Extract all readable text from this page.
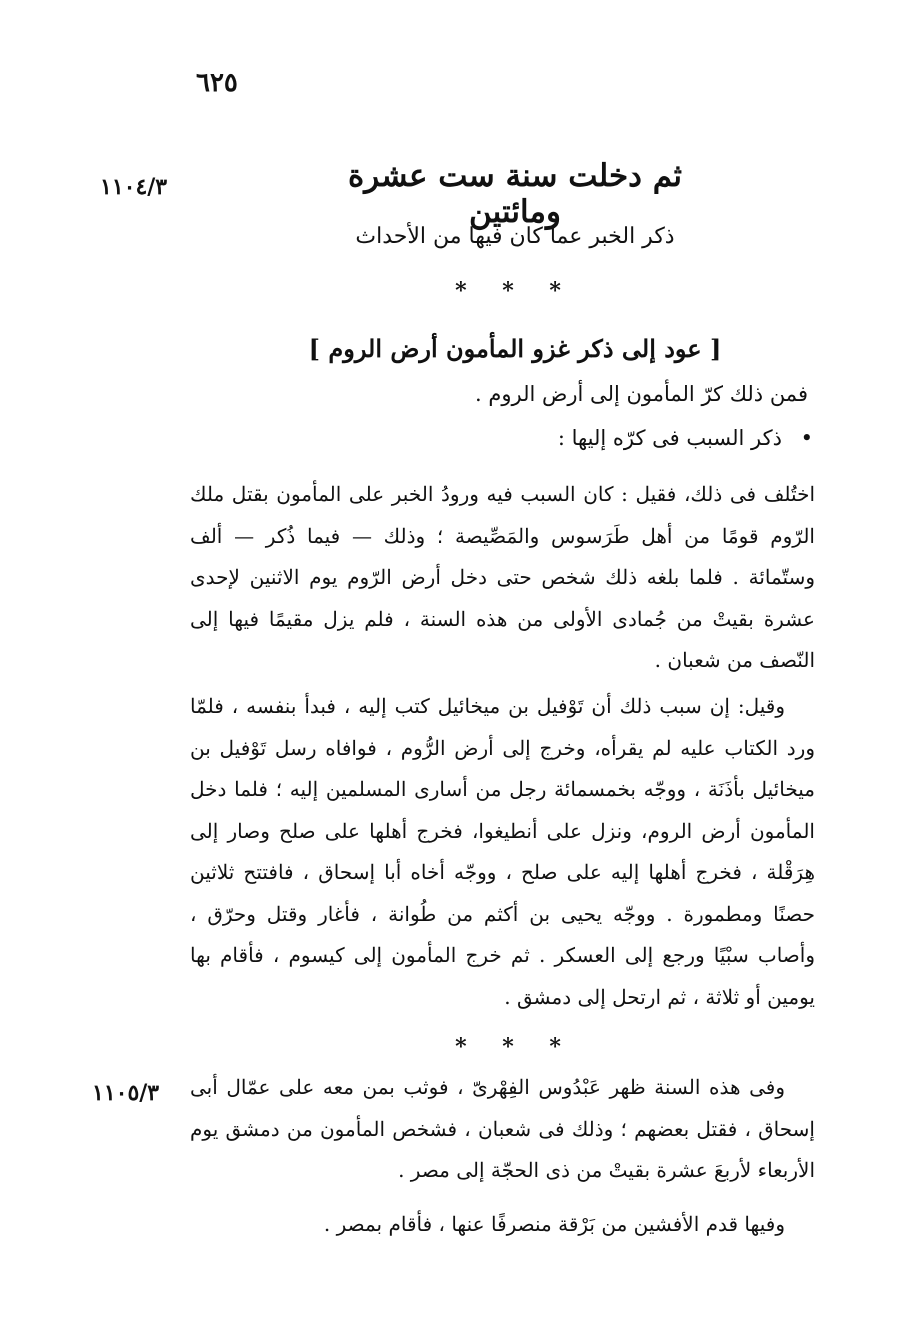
٦٢٥
١١٠٤/٣	ثم دخلت سنة ست عشرة ومائتين
ذكر الخبر عما كان فيها من الأحداث
* * *
[ عود إلى ذكر غزو المأمون أرض الروم ]
فمن ذلك كرّ المأمون إلى أرض الروم .
• ذكر السبب فى كرّه إليها :
اختُلف فى ذلك، فقيل : كان السبب فيه ورودُ الخبر على المأمون بقتل ملك الرّوم قومًا من أهل طَرَسوس والمَصِّيصة ؛ وذلك — فيما ذُكر — ألف وستّمائة . فلما بلغه ذلك شخص حتى دخل أرض الرّوم يوم الاثنين لإحدى عشرة بقيتْ من جُمادى الأولى من هذه السنة ، فلم يزل مقيمًا فيها إلى النّصف من شعبان .
وقيل: إن سبب ذلك أن تَوْفيل بن ميخائيل كتب إليه ، فبدأ بنفسه ، فلمّا ورد الكتاب عليه لم يقرأه، وخرج إلى أرض الرُّوم ، فوافاه رسل تَوْفيل بن ميخائيل بأذَنَة ، ووجّه بخمسمائة رجل من أسارى المسلمين إليه ؛ فلما دخل المأمون أرض الروم، ونزل على أنطيغوا، فخرج أهلها على صلح وصار إلى هِرَقْلة ، فخرج أهلها إليه على صلح ، ووجّه أخاه أبا إسحاق ، فافتتح ثلاثين حصنًا ومطمورة . ووجّه يحيى بن أكثم من طُوانة ، فأغار وقتل وحرّق ، وأصاب سبْيًا ورجع إلى العسكر . ثم خرج المأمون إلى كيسوم ، فأقام بها يومين أو ثلاثة ، ثم ارتحل إلى دمشق .
* * *
١١٠٥/٣ وفى هذه السنة ظهر عَبْدُوس الفِهْرىّ ، فوثب بمن معه على عمّال أبى إسحاق ، فقتل بعضهم ؛ وذلك فى شعبان ، فشخص المأمون من دمشق يوم الأربعاء لأربعَ عشرة بقيتْ من ذى الحجّة إلى مصر .
وفيها قدم الأفشين من بَرْقة منصرفًا عنها ، فأقام بمصر .
